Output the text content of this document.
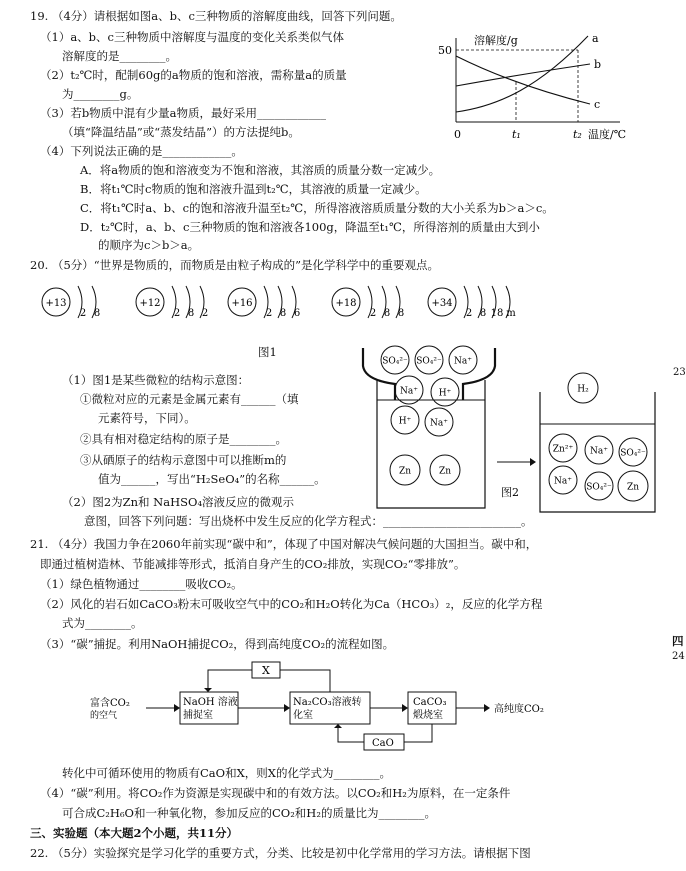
19. （4分）请根据如图a、b、c三种物质的溶解度曲线，回答下列问题。
（1）a、b、c三种物质中溶解度与温度的变化关系类似气体
溶解度的是________。
（2）t₂℃时，配制60g的a物质的饱和溶液，需称量a的质量
为________g。
（3）若b物质中混有少量a物质，最好采用____________
（填“降温结晶”或“蒸发结晶”）的方法提纯b。
（4）下列说法正确的是____________。
A．将a物质的饱和溶液变为不饱和溶液，其溶质的质量分数一定减少。
B．将t₁℃时c物质的饱和溶液升温到t₂℃，其溶液的质量一定减少。
C．将t₁℃时a、b、c的饱和溶液升温至t₂℃，所得溶液溶质质量分数的大小关系为b＞a＞c。
D．t₂℃时，a、b、c三种物质的饱和溶液各100g，降温至t₁℃，所得溶剂的质量由大到小
的顺序为c＞b＞a。
溶解度/g
50
0	t₁	t₂ 温度/℃
a
b
c
20. （5分）“世界是物质的，而物质是由粒子构成的”是化学科学中的重要观点。
+13
2 8
+12
2 8 2
+16
2 8 6
+18
2 8 8
+34
2 8 18 m
图1
SO₄²⁻ SO₄²⁻ Na⁺
Na⁺ H⁺
H⁺ Na⁺
Zn	Zn
H₂
Zn²⁺ Na⁺ SO₄²⁻
Na⁺
SO₄²⁻ Zn
图2
（1）图1是某些微粒的结构示意图：
①微粒对应的元素是金属元素有______（填
元素符号，下同）。
②具有相对稳定结构的原子是________。
③从硒原子的结构示意图中可以推断m的
值为______，写出“H₂SeO₄”的名称______。
（2）图2为Zn和 NaHSO₄溶液反应的微观示
意图，回答下列问题：写出烧杯中发生反应的化学方程式：________________________。
21. （4分）我国力争在2060年前实现“碳中和”，体现了中国对解决气候问题的大国担当。碳中和，
即通过植树造林、节能减排等形式，抵消自身产生的CO₂排放，实现CO₂“零排放”。
（1）绿色植物通过________吸收CO₂。
（2）风化的岩石如CaCO₃粉末可吸收空气中的CO₂和H₂O转化为Ca（HCO₃）₂，反应的化学方程
式为________。
（3）“碳”捕捉。利用NaOH捕捉CO₂，得到高纯度CO₂的流程如图。
富含CO₂
的空气
NaOH 溶液
捕捉室
Na₂CO₃溶液转
化室
CaCO₃
煅烧室
高纯度CO₂
X
CaO
转化中可循环使用的物质有CaO和X，则X的化学式为________。
（4）“碳”利用。将CO₂作为资源是实现碳中和的有效方法。以CO₂和H₂为原料，在一定条件
可合成C₂H₆O和一种氧化物，参加反应的CO₂和H₂的质量比为________。
三、实验题（本大题2个小题，共11分）
22. （5分）实验探究是学习化学的重要方式，分类、比较是初中化学常用的学习方法。请根据下图
23
四
24
